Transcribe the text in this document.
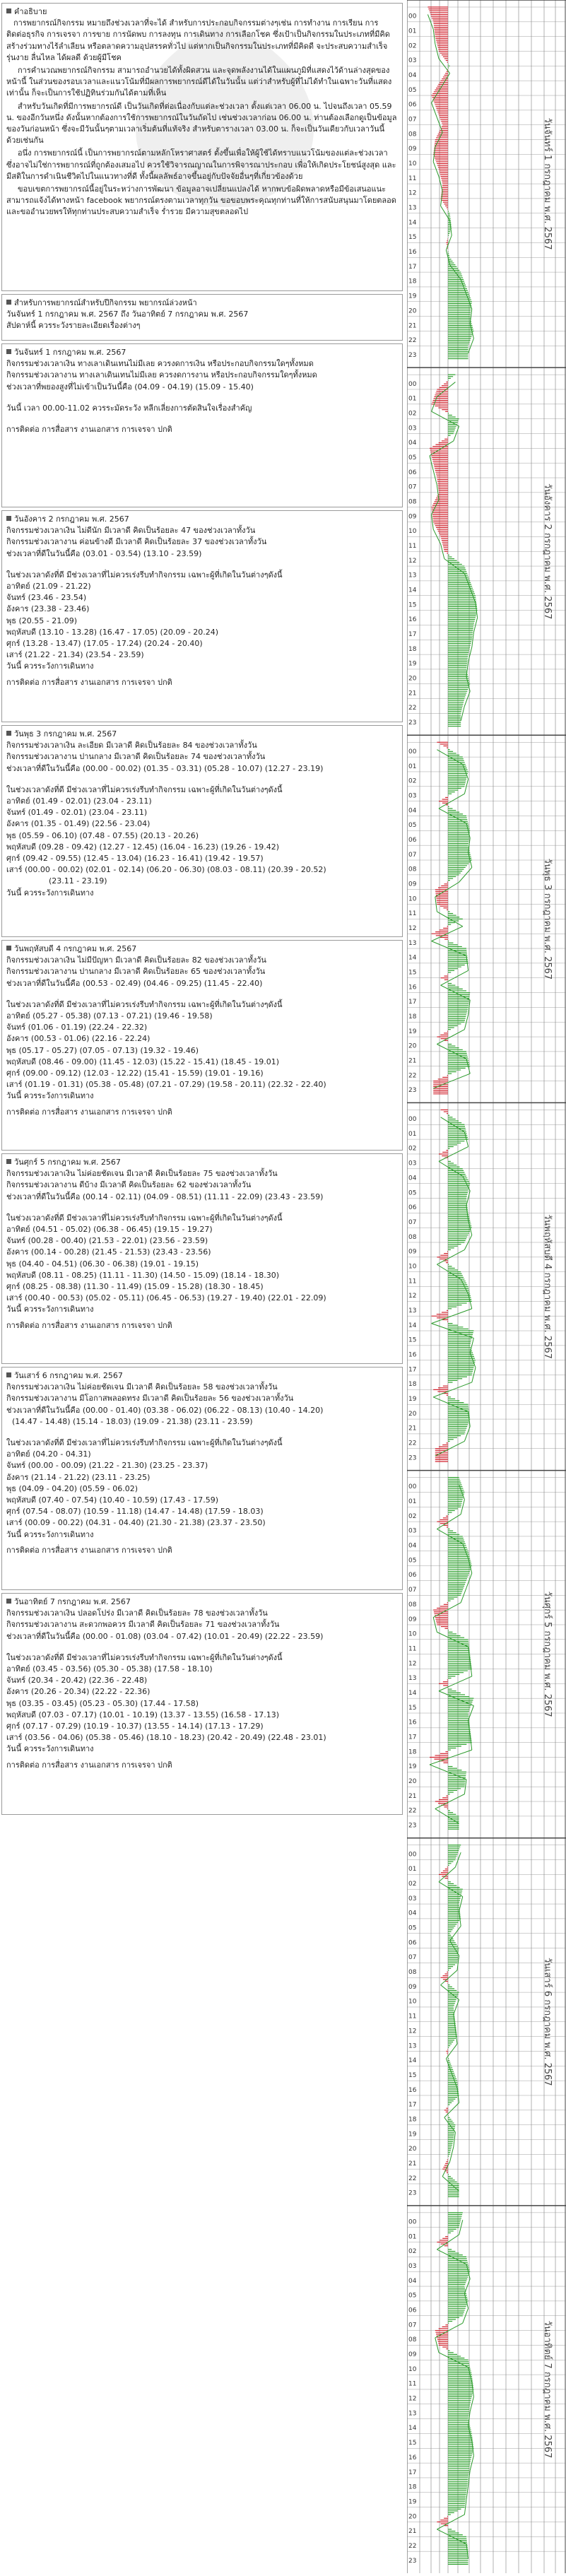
คำอธิบาย
การพยากรณ์กิจกรรม หมายถึงช่วงเวลาที่จะได้ สำหรับการประกอบกิจกรรมต่างๆเช่น การทำงาน การเรียน การติดต่อธุรกิจ การเจรจา การขาย การนัดพบ การลงทุน การเดินทาง การเลือกโชค ซึ่งเป้าเป็นกิจกรรมในประเภทที่มีคิดสร้างร่วมทางไร้ลำเลียน หรือตลาดความอุปสรรคทั่วไป แต่หากเป็นกิจกรรมในประเภทที่มีคิดดี จะประสบความสำเร็จ รุ่นงาย ลื่นไหล ได้ผลดี ด้วยผู้มีโชค
การคำนวณพยากรณ์กิจกรรม สามารถอำนวยได้ทั้งผิดสวน และจุดพลังงานได้ในแผนภูมิที่แสดงไว้ด้านล่างสุดของหน้านี้ ในส่วนของรอบเวลาและแนวโน้มที่มีผลการพยากรณ์ดีได้ในวันนั้น แต่ว่าสำหรับผู้ที่ไม่ได้ทำในเฉพาะวันที่แสดงเท่านั้น ก็จะเป็นการใช้ปฏิทินร่วมกันได้ตามที่เห็น
สำหรับวันเกิดที่มีการพยากรณ์ดี เป็นวันเกิดที่ต่อเนื่องกับแต่ละช่วงเวลา ตั้งแต่เวลา 06.00 น. ไปจนถึงเวลา 05.59 น. ของอีกวันหนึ่ง ดังนั้นหากต้องการใช้การพยากรณ์ในวันถัดไป เช่นช่วงเวลาก่อน 06.00 น. ท่านต้องเลือกดูเป็นข้อมูลของวันก่อนหน้า ซึ่งจะมีวันนั้นๆตามเวลาเริ่มต้นที่แท้จริง สำหรับตารางเวลา 03.00 น. ก็จะเป็นวันเดียวกับเวลาวันนี้ด้วยเช่นกัน
อนึ่ง การพยากรณ์นี้ เป็นการพยากรณ์ตามหลักโหราศาสตร์ ตั้งขึ้นเพื่อให้ผู้ใช้ได้ทราบแนวโน้มของแต่ละช่วงเวลา ซึ่งอาจไม่ใช่การพยากรณ์ที่ถูกต้องเสมอไป ควรใช้วิจารณญาณในการพิจารณาประกอบ เพื่อให้เกิดประโยชน์สูงสุด และมีสติในการดำเนินชีวิตไปในแนวทางที่ดี ทั้งนี้ผลลัพธ์อาจขึ้นอยู่กับปัจจัยอื่นๆที่เกี่ยวข้องด้วย
ขอบเขตการพยากรณ์นี้อยู่ในระหว่างการพัฒนา ข้อมูลอาจเปลี่ยนแปลงได้ หากพบข้อผิดพลาดหรือมีข้อเสนอแนะ สามารถแจ้งได้ทางหน้า facebook พยากรณ์ตรงตามเวลาทุกวัน ขอขอบพระคุณทุกท่านที่ให้การสนับสนุนมาโดยตลอด และขออำนวยพรให้ทุกท่านประสบความสำเร็จ ร่ำรวย มีความสุขตลอดไป
สำหรับการพยากรณ์สำหรับปีกิจกรรม พยากรณ์ล่วงหน้า
วันจันทร์ 1 กรกฎาคม พ.ศ. 2567 ถึง วันอาทิตย์ 7 กรกฎาคม พ.ศ. 2567
สัปดาห์นี้ ควรระวังรายละเอียดเรื่องต่างๆ
วันจันทร์ 1 กรกฎาคม พ.ศ. 2567
กิจกรรมช่วงเวลาเงิน ทางเลาเดินเทนไม่มีเลย ควรงดการเงิน หรือประกอบกิจกรรมใดๆทั้งหมด
กิจกรรมช่วงเวลางาน ทางเลาเดินเทนไม่มีเลย ควรงดการงาน หรือประกอบกิจกรรมใดๆทั้งหมด
ช่วงเวลาที่พยองสูงที่ไม่เข้าเป็นวันนี้คือ (04.09 - 04.19) (15.09 - 15.40)
วันนี้ เวลา 00.00-11.02 ควรระมัดระวัง หลีกเลี่ยงการตัดสินใจเรื่องสำคัญ
การติดต่อ การสื่อสาร งานเอกสาร การเจรจา ปกติ
วันอังคาร 2 กรกฎาคม พ.ศ. 2567
กิจกรรมช่วงเวลาเงิน ไม่ดีนัก มีเวลาดี คิดเป็นร้อยละ 47 ของช่วงเวลาทั้งวัน
กิจกรรมช่วงเวลางาน ค่อนข้างดี มีเวลาดี คิดเป็นร้อยละ 37 ของช่วงเวลาทั้งวัน
ช่วงเวลาที่ดีในวันนี้คือ (03.01 - 03.54) (13.10 - 23.59)
ในช่วงเวลาดังที่ดี มีช่วงเวลาที่ไม่ควรเร่งรีบทำกิจกรรม เฉพาะผู้ที่เกิดในวันต่างๆดังนี้
อาทิตย์ (21.09 - 21.22)
จันทร์ (23.46 - 23.54)
อังคาร (23.38 - 23.46)
พุธ (20.55 - 21.09)
พฤหัสบดี (13.10 - 13.28) (16.47 - 17.05) (20.09 - 20.24)
ศุกร์ (13.28 - 13.47) (17.05 - 17.24) (20.24 - 20.40)
เสาร์ (21.22 - 21.34) (23.54 - 23.59)
วันนี้ ควรระวังการเดินทาง
การติดต่อ การสื่อสาร งานเอกสาร การเจรจา ปกติ
วันพุธ 3 กรกฎาคม พ.ศ. 2567
กิจกรรมช่วงเวลาเงิน ละเอียด มีเวลาดี คิดเป็นร้อยละ 84 ของช่วงเวลาทั้งวัน
กิจกรรมช่วงเวลางาน ปานกลาง มีเวลาดี คิดเป็นร้อยละ 74 ของช่วงเวลาทั้งวัน
ช่วงเวลาที่ดีในวันนี้คือ (00.00 - 00.02) (01.35 - 03.31) (05.28 - 10.07) (12.27 - 23.19)
ในช่วงเวลาดังที่ดี มีช่วงเวลาที่ไม่ควรเร่งรีบทำกิจกรรม เฉพาะผู้ที่เกิดในวันต่างๆดังนี้
อาทิตย์ (01.49 - 02.01) (23.04 - 23.11)
จันทร์ (01.49 - 02.01) (23.04 - 23.11)
อังคาร (01.35 - 01.49) (22.56 - 23.04)
พุธ (05.59 - 06.10) (07.48 - 07.55) (20.13 - 20.26)
พฤหัสบดี (09.28 - 09.42) (12.27 - 12.45) (16.04 - 16.23) (19.26 - 19.42)
ศุกร์ (09.42 - 09.55) (12.45 - 13.04) (16.23 - 16.41) (19.42 - 19.57)
เสาร์ (00.00 - 00.02) (02.01 - 02.14) (06.20 - 06.30) (08.03 - 08.11) (20.39 - 20.52)
(23.11 - 23.19)
วันนี้ ควรระวังการเดินทาง
วันพฤหัสบดี 4 กรกฎาคม พ.ศ. 2567
กิจกรรมช่วงเวลาเงิน ไม่มีปัญหา มีเวลาดี คิดเป็นร้อยละ 82 ของช่วงเวลาทั้งวัน
กิจกรรมช่วงเวลางาน ปานกลาง มีเวลาดี คิดเป็นร้อยละ 65 ของช่วงเวลาทั้งวัน
ช่วงเวลาที่ดีในวันนี้คือ (00.53 - 02.49) (04.46 - 09.25) (11.45 - 22.40)
ในช่วงเวลาดังที่ดี มีช่วงเวลาที่ไม่ควรเร่งรีบทำกิจกรรม เฉพาะผู้ที่เกิดในวันต่างๆดังนี้
อาทิตย์ (05.27 - 05.38) (07.13 - 07.21) (19.46 - 19.58)
จันทร์ (01.06 - 01.19) (22.24 - 22.32)
อังคาร (00.53 - 01.06) (22.16 - 22.24)
พุธ (05.17 - 05.27) (07.05 - 07.13) (19.32 - 19.46)
พฤหัสบดี (08.46 - 09.00) (11.45 - 12.03) (15.22 - 15.41) (18.45 - 19.01)
ศุกร์ (09.00 - 09.12) (12.03 - 12.22) (15.41 - 15.59) (19.01 - 19.16)
เสาร์ (01.19 - 01.31) (05.38 - 05.48) (07.21 - 07.29) (19.58 - 20.11) (22.32 - 22.40)
วันนี้ ควรระวังการเดินทาง
การติดต่อ การสื่อสาร งานเอกสาร การเจรจา ปกติ
วันศุกร์ 5 กรกฎาคม พ.ศ. 2567
กิจกรรมช่วงเวลาเงิน ไม่ค่อยชัดเจน มีเวลาดี คิดเป็นร้อยละ 75 ของช่วงเวลาทั้งวัน
กิจกรรมช่วงเวลางาน ดีบ้าง มีเวลาดี คิดเป็นร้อยละ 62 ของช่วงเวลาทั้งวัน
ช่วงเวลาที่ดีในวันนี้คือ (00.14 - 02.11) (04.09 - 08.51) (11.11 - 22.09) (23.43 - 23.59)
ในช่วงเวลาดังที่ดี มีช่วงเวลาที่ไม่ควรเร่งรีบทำกิจกรรม เฉพาะผู้ที่เกิดในวันต่างๆดังนี้
อาทิตย์ (04.51 - 05.02) (06.38 - 06.45) (19.15 - 19.27)
จันทร์ (00.28 - 00.40) (21.53 - 22.01) (23.56 - 23.59)
อังคาร (00.14 - 00.28) (21.45 - 21.53) (23.43 - 23.56)
พุธ (04.40 - 04.51) (06.30 - 06.38) (19.01 - 19.15)
พฤหัสบดี (08.11 - 08.25) (11.11 - 11.30) (14.50 - 15.09) (18.14 - 18.30)
ศุกร์ (08.25 - 08.38) (11.30 - 11.49) (15.09 - 15.28) (18.30 - 18.45)
เสาร์ (00.40 - 00.53) (05.02 - 05.11) (06.45 - 06.53) (19.27 - 19.40) (22.01 - 22.09)
วันนี้ ควรระวังการเดินทาง
การติดต่อ การสื่อสาร งานเอกสาร การเจรจา ปกติ
วันเสาร์ 6 กรกฎาคม พ.ศ. 2567
กิจกรรมช่วงเวลาเงิน ไม่ค่อยชัดเจน มีเวลาดี คิดเป็นร้อยละ 58 ของช่วงเวลาทั้งวัน
กิจกรรมช่วงเวลางาน มีโอกาสพลอดทรง มีเวลาดี คิดเป็นร้อยละ 56 ของช่วงเวลาทั้งวัน
ช่วงเวลาที่ดีในวันนี้คือ (00.00 - 01.40) (03.38 - 06.02) (06.22 - 08.13) (10.40 - 14.20)
(14.47 - 14.48) (15.14 - 18.03) (19.09 - 21.38) (23.11 - 23.59)
ในช่วงเวลาดังที่ดี มีช่วงเวลาที่ไม่ควรเร่งรีบทำกิจกรรม เฉพาะผู้ที่เกิดในวันต่างๆดังนี้
อาทิตย์ (04.20 - 04.31)
จันทร์ (00.00 - 00.09) (21.22 - 21.30) (23.25 - 23.37)
อังคาร (21.14 - 21.22) (23.11 - 23.25)
พุธ (04.09 - 04.20) (05.59 - 06.02)
พฤหัสบดี (07.40 - 07.54) (10.40 - 10.59) (17.43 - 17.59)
ศุกร์ (07.54 - 08.07) (10.59 - 11.18) (14.47 - 14.48) (17.59 - 18.03)
เสาร์ (00.09 - 00.22) (04.31 - 04.40) (21.30 - 21.38) (23.37 - 23.50)
วันนี้ ควรระวังการเดินทาง
การติดต่อ การสื่อสาร งานเอกสาร การเจรจา ปกติ
วันอาทิตย์ 7 กรกฎาคม พ.ศ. 2567
กิจกรรมช่วงเวลาเงิน ปลอดโปร่ง มีเวลาดี คิดเป็นร้อยละ 78 ของช่วงเวลาทั้งวัน
กิจกรรมช่วงเวลางาน สะดวกพอควร มีเวลาดี คิดเป็นร้อยละ 71 ของช่วงเวลาทั้งวัน
ช่วงเวลาที่ดีในวันนี้คือ (00.00 - 01.08) (03.04 - 07.42) (10.01 - 20.49) (22.22 - 23.59)
ในช่วงเวลาดังที่ดี มีช่วงเวลาที่ไม่ควรเร่งรีบทำกิจกรรม เฉพาะผู้ที่เกิดในวันต่างๆดังนี้
อาทิตย์ (03.45 - 03.56) (05.30 - 05.38) (17.58 - 18.10)
จันทร์ (20.34 - 20.42) (22.36 - 22.48)
อังคาร (20.26 - 20.34) (22.22 - 22.36)
พุธ (03.35 - 03.45) (05.23 - 05.30) (17.44 - 17.58)
พฤหัสบดี (07.03 - 07.17) (10.01 - 10.19) (13.37 - 13.55) (16.58 - 17.13)
ศุกร์ (07.17 - 07.29) (10.19 - 10.37) (13.55 - 14.14) (17.13 - 17.29)
เสาร์ (03.56 - 04.06) (05.38 - 05.46) (18.10 - 18.23) (20.42 - 20.49) (22.48 - 23.01)
วันนี้ ควรระวังการเดินทาง
การติดต่อ การสื่อสาร งานเอกสาร การเจรจา ปกติ
00
01
02
03
04
05
06
07
08
09
10
11
12
13
14
15
16
17
18
19
20
21
22
23
วันจันทร์ 1 กรกฎาคม พ.ศ. 2567
00
01
02
03
04
05
06
07
08
09
10
11
12
13
14
15
16
17
18
19
20
21
22
23
วันอังคาร 2 กรกฎาคม พ.ศ. 2567
00
01
02
03
04
05
06
07
08
09
10
11
12
13
14
15
16
17
18
19
20
21
22
23
วันพุธ 3 กรกฎาคม พ.ศ. 2567
00
01
02
03
04
05
06
07
08
09
10
11
12
13
14
15
16
17
18
19
20
21
22
23
วันพฤหัสบดี 4 กรกฎาคม พ.ศ. 2567
00
01
02
03
04
05
06
07
08
09
10
11
12
13
14
15
16
17
18
19
20
21
22
23
วันศุกร์ 5 กรกฎาคม พ.ศ. 2567
00
01
02
03
04
05
06
07
08
09
10
11
12
13
14
15
16
17
18
19
20
21
22
23
วันเสาร์ 6 กรกฎาคม พ.ศ. 2567
00
01
02
03
04
05
06
07
08
09
10
11
12
13
14
15
16
17
18
19
20
21
22
23
วันอาทิตย์ 7 กรกฎาคม พ.ศ. 2567
